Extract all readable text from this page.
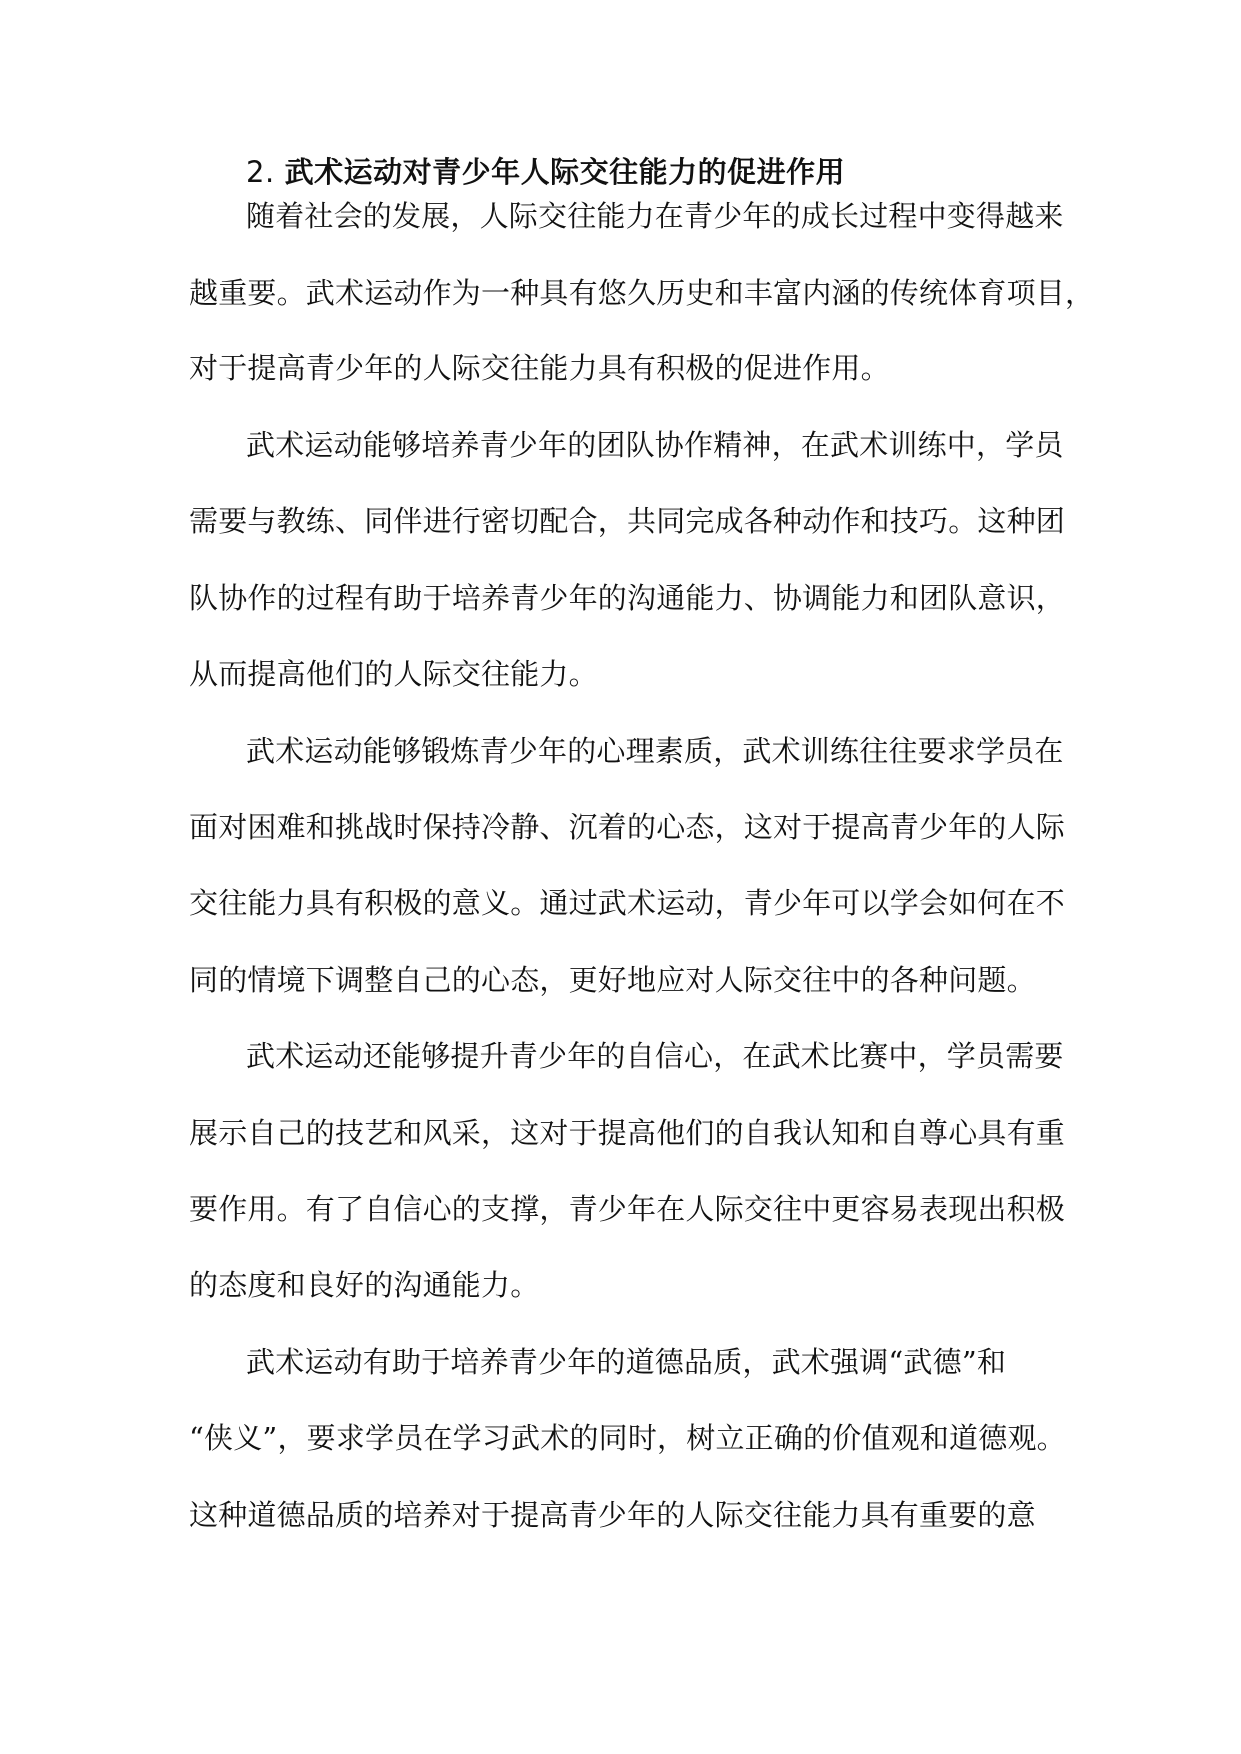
2. 武术运动对青少年人际交往能力的促进作用
随着社会的发展，人际交往能力在青少年的成长过程中变得越来
越重要。武术运动作为一种具有悠久历史和丰富内涵的传统体育项目，
对于提高青少年的人际交往能力具有积极的促进作用。
武术运动能够培养青少年的团队协作精神，在武术训练中，学员
需要与教练、同伴进行密切配合，共同完成各种动作和技巧。这种团
队协作的过程有助于培养青少年的沟通能力、协调能力和团队意识，
从而提高他们的人际交往能力。
武术运动能够锻炼青少年的心理素质，武术训练往往要求学员在
面对困难和挑战时保持冷静、沉着的心态，这对于提高青少年的人际
交往能力具有积极的意义。通过武术运动，青少年可以学会如何在不
同的情境下调整自己的心态，更好地应对人际交往中的各种问题。
武术运动还能够提升青少年的自信心，在武术比赛中，学员需要
展示自己的技艺和风采，这对于提高他们的自我认知和自尊心具有重
要作用。有了自信心的支撑，青少年在人际交往中更容易表现出积极
的态度和良好的沟通能力。
武术运动有助于培养青少年的道德品质，武术强调“武德”和
“侠义”，要求学员在学习武术的同时，树立正确的价值观和道德观。
这种道德品质的培养对于提高青少年的人际交往能力具有重要的意
